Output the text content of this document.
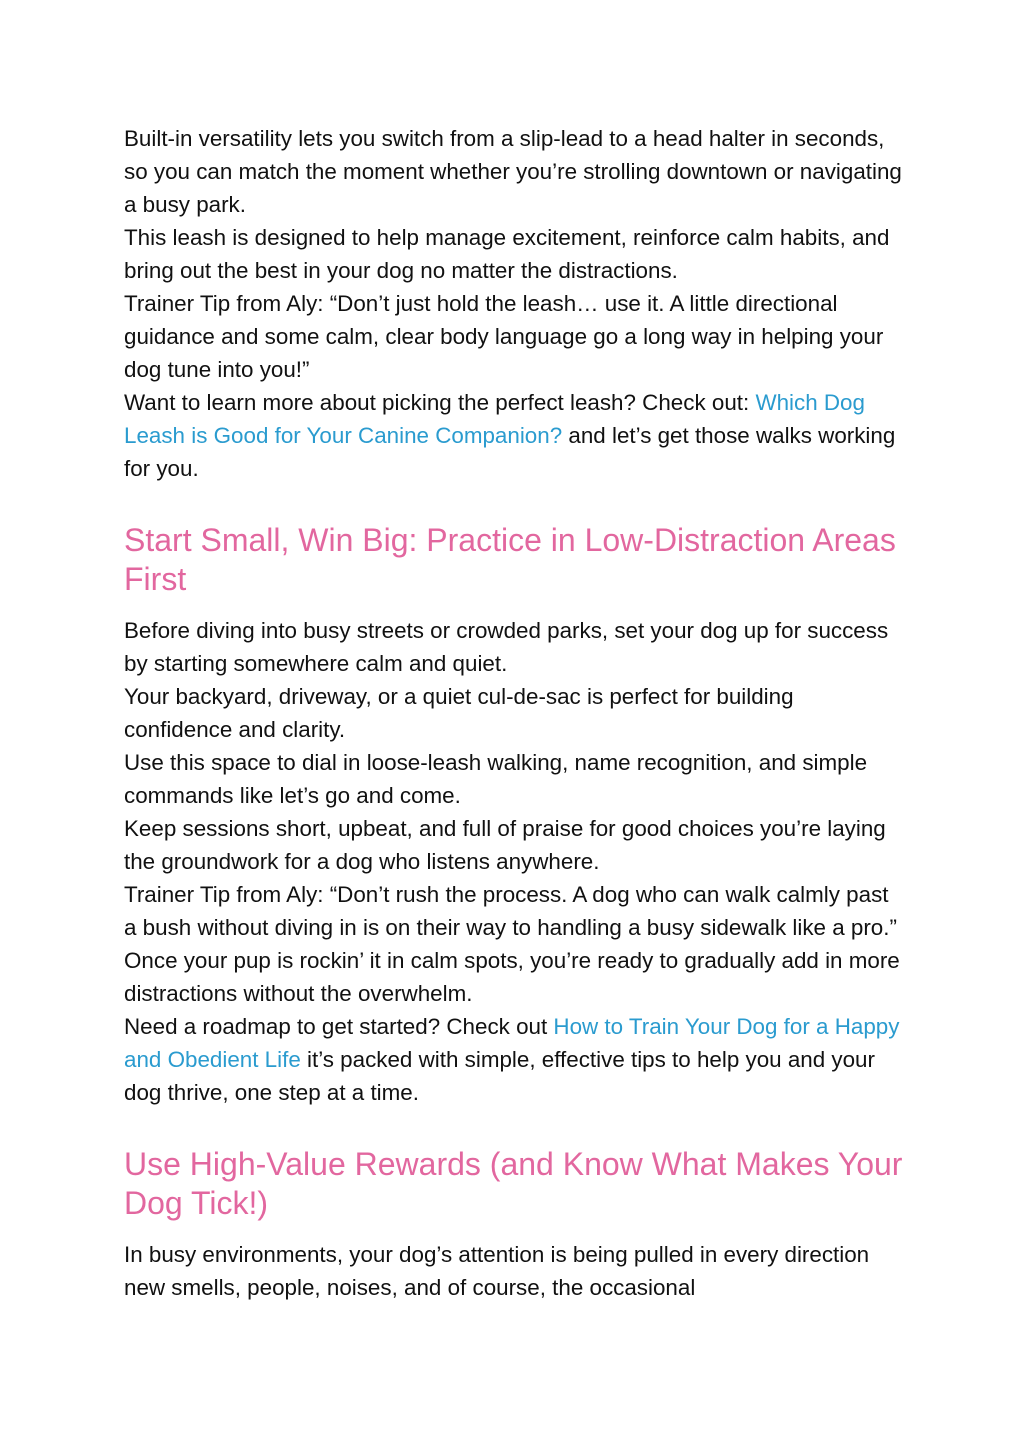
Built-in versatility lets you switch from a slip-lead to a head halter in seconds, so you can match the moment whether you’re strolling downtown or navigating a busy park.

This leash is designed to help manage excitement, reinforce calm habits, and bring out the best in your dog no matter the distractions.

Trainer Tip from Aly: “Don’t just hold the leash… use it. A little directional guidance and some calm, clear body language go a long way in helping your dog tune into you!”

Want to learn more about picking the perfect leash? Check out: Which Dog Leash is Good for Your Canine Companion? and let’s get those walks working for you.

Start Small, Win Big: Practice in Low-Distraction Areas First

Before diving into busy streets or crowded parks, set your dog up for success by starting somewhere calm and quiet.

Your backyard, driveway, or a quiet cul-de-sac is perfect for building confidence and clarity.

Use this space to dial in loose-leash walking, name recognition, and simple commands like let’s go and come.

Keep sessions short, upbeat, and full of praise for good choices you’re laying the groundwork for a dog who listens anywhere.

Trainer Tip from Aly: “Don’t rush the process. A dog who can walk calmly past a bush without diving in is on their way to handling a busy sidewalk like a pro.”

Once your pup is rockin’ it in calm spots, you’re ready to gradually add in more distractions without the overwhelm.

Need a roadmap to get started? Check out How to Train Your Dog for a Happy and Obedient Life it’s packed with simple, effective tips to help you and your dog thrive, one step at a time.

Use High-Value Rewards (and Know What Makes Your Dog Tick!)

In busy environments, your dog’s attention is being pulled in every direction new smells, people, noises, and of course, the occasional
